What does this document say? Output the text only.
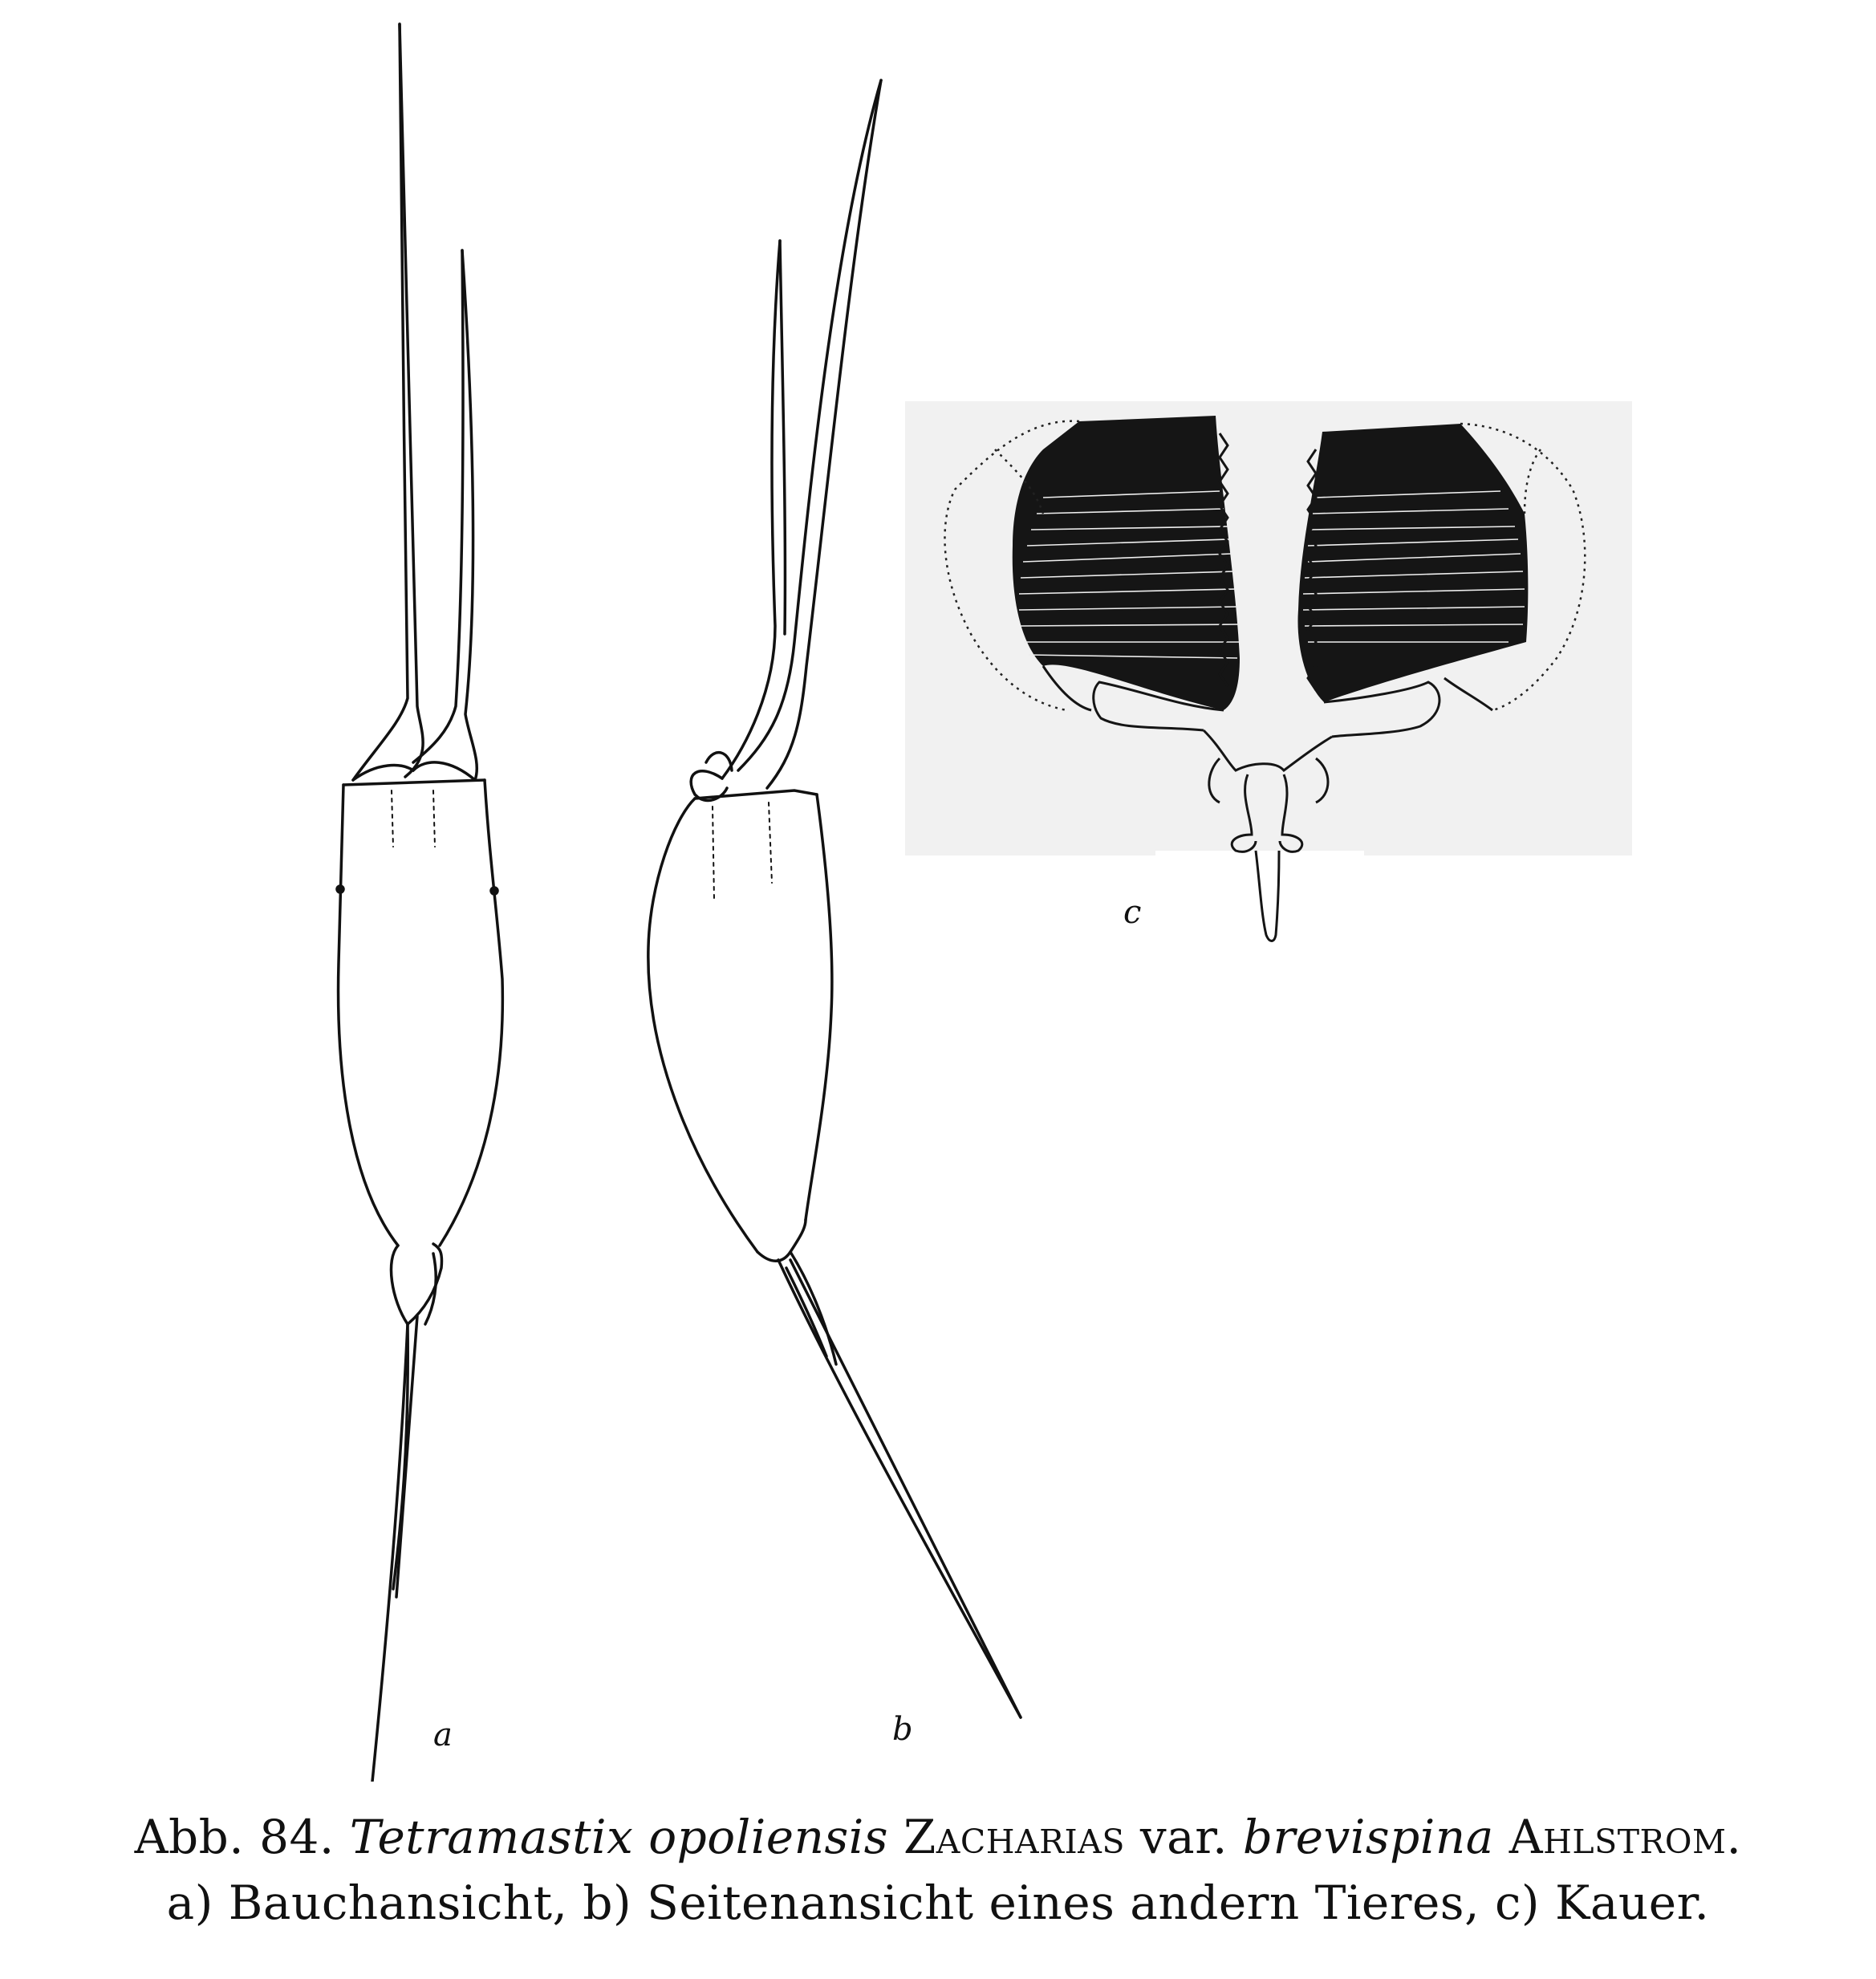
a	b
c
Abb. 84. Tetramastix opoliensis Zacharias var. brevispina Ahlstrom.
a) Bauchansicht, b) Seitenansicht eines andern Tieres, c) Kauer.
